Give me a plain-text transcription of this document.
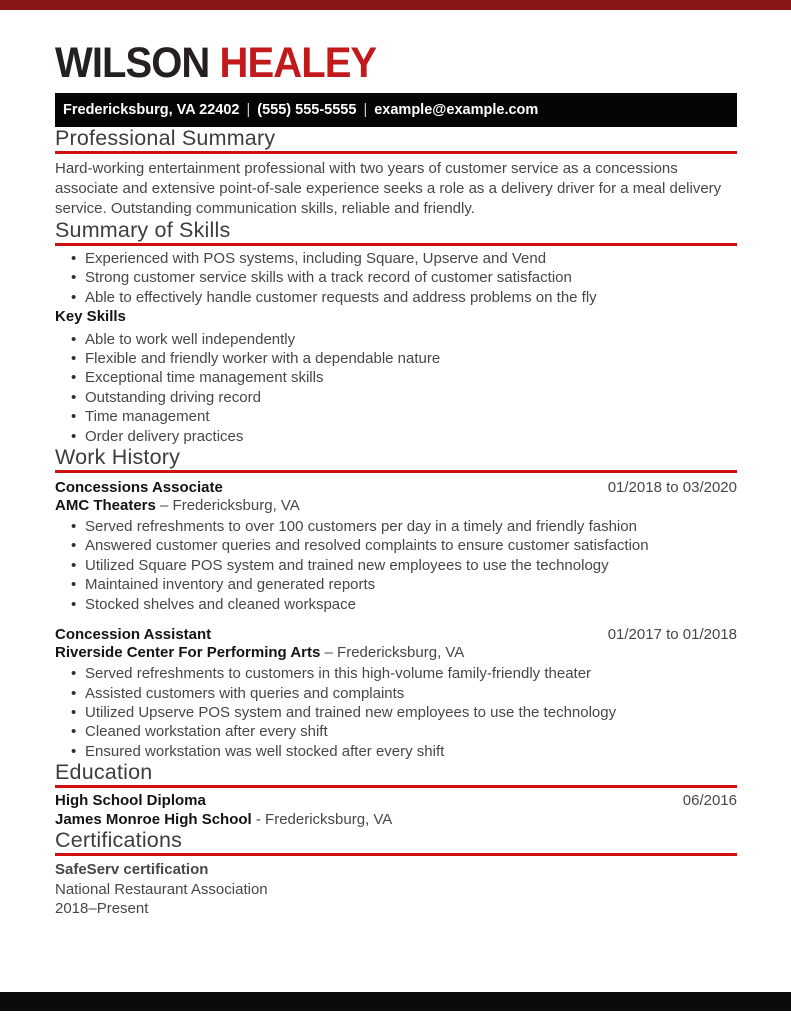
WILSON HEALEY
Fredericksburg, VA 22402 | (555) 555-5555 | example@example.com
Professional Summary

Hard-working entertainment professional with two years of customer service as a concessions associate and extensive point-of-sale experience seeks a role as a delivery driver for a meal delivery service. Outstanding communication skills, reliable and friendly.

Summary of Skills
• Experienced with POS systems, including Square, Upserve and Vend
• Strong customer service skills with a track record of customer satisfaction
• Able to effectively handle customer requests and address problems on the fly
Key Skills
• Able to work well independently
• Flexible and friendly worker with a dependable nature
• Exceptional time management skills
• Outstanding driving record
• Time management
• Order delivery practices
Work History
Concessions Associate	01/2018 to 03/2020
AMC Theaters – Fredericksburg, VA
• Served refreshments to over 100 customers per day in a timely and friendly fashion
• Answered customer queries and resolved complaints to ensure customer satisfaction
• Utilized Square POS system and trained new employees to use the technology
• Maintained inventory and generated reports
• Stocked shelves and cleaned workspace
Concession Assistant	01/2017 to 01/2018
Riverside Center For Performing Arts – Fredericksburg, VA
• Served refreshments to customers in this high-volume family-friendly theater
• Assisted customers with queries and complaints
• Utilized Upserve POS system and trained new employees to use the technology
• Cleaned workstation after every shift
• Ensured workstation was well stocked after every shift
Education
High School Diploma	06/2016
James Monroe High School - Fredericksburg, VA
Certifications
SafeServ certification
National Restaurant Association
2018–Present
